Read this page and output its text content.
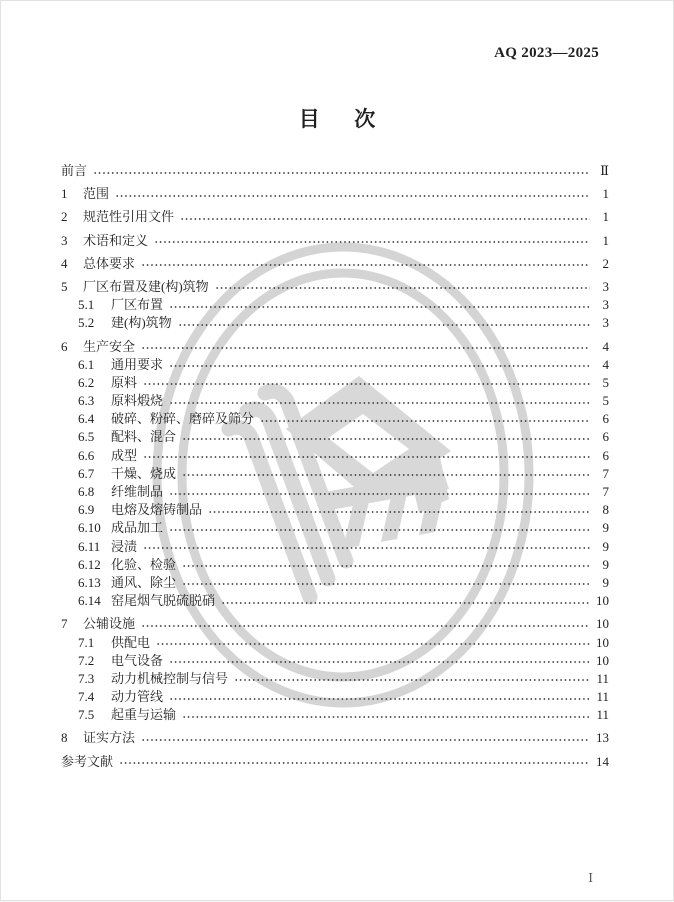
AQ 2023—2025
目　次
前言	Ⅱ
1	范围	1
2	规范性引用文件	1
3	术语和定义	1
4	总体要求	2
5	厂区布置及建(构)筑物	3
5.1	厂区布置	3
5.2	建(构)筑物	3
6	生产安全	4
6.1	通用要求	4
6.2	原料	5
6.3	原料煅烧	5
6.4	破碎、粉碎、磨碎及筛分	6
6.5	配料、混合	6
6.6	成型	6
6.7	干燥、烧成	7
6.8	纤维制品	7
6.9	电熔及熔铸制品	8
6.10 成品加工	9
6.11 浸渍	9
6.12 化验、检验	9
6.13 通风、除尘	9
6.14 窑尾烟气脱硫脱硝	10
7	公辅设施	10
7.1	供配电	10
7.2	电气设备	10
7.3	动力机械控制与信号	11
7.4	动力管线	11
7.5	起重与运输	11
8	证实方法	13
参考文献	14
Ⅰ
